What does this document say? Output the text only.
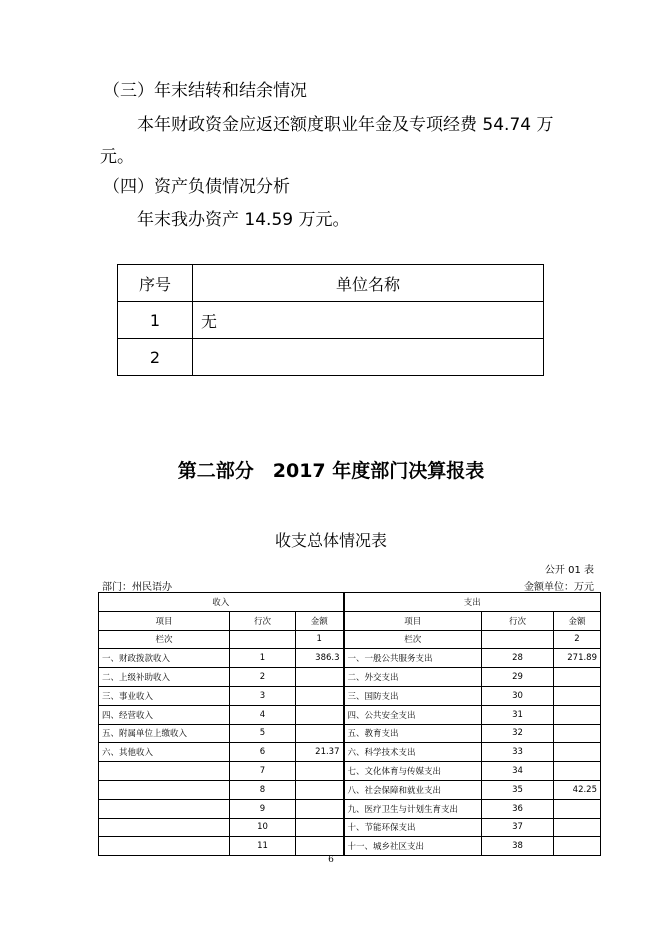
（三）年末结转和结余情况
本年财政资金应返还额度职业年金及专项经费 54.74 万
元。
（四）资产负债情况分析
年末我办资产 14.59 万元。
序号	单位名称
1	无
2	
第二部分　2017 年度部门决算报表
收支总体情况表
公开 01 表
部门：州民语办	金额单位：万元
收入			支出		
项目	行次	金额	项目	行次	金额
栏次		1	栏次		2
一、财政拨款收入	1	386.3	一、一般公共服务支出	28	271.89
二、上级补助收入	2		二、外交支出	29	
三、事业收入	3		三、国防支出	30	
四、经营收入	4		四、公共安全支出	31	
五、附属单位上缴收入	5		五、教育支出	32	
六、其他收入	6	21.37	六、科学技术支出	33	
	7		七、文化体育与传媒支出	34	
	8		八、社会保障和就业支出	35	42.25
	9		九、医疗卫生与计划生育支出	36	
	10		十、节能环保支出	37	
	11		十一、城乡社区支出	38	
6
